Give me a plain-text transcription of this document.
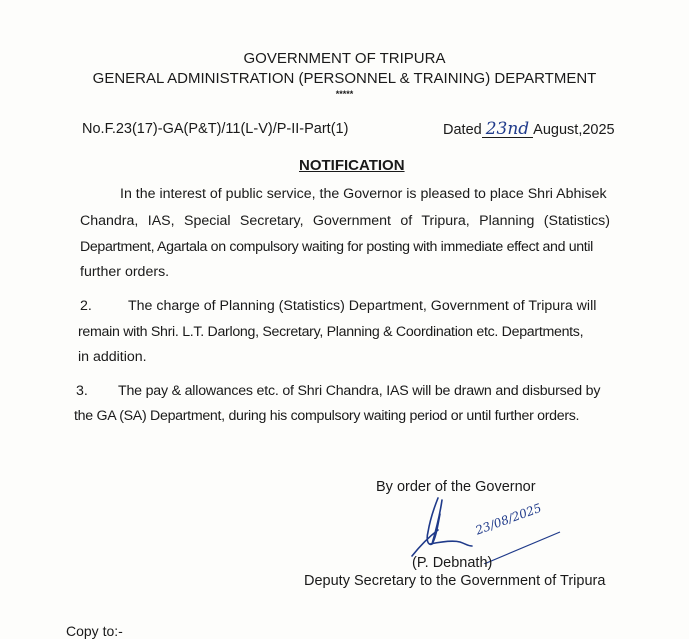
GOVERNMENT OF TRIPURA
GENERAL ADMINISTRATION (PERSONNEL & TRAINING) DEPARTMENT
*****
No.F.23(17)-GA(P&T)/11(L-V)/P-II-Part(1)	Dated 23nd August,2025
NOTIFICATION
In the interest of public service, the Governor is pleased to place Shri Abhisek
Chandra, IAS, Special Secretary, Government of Tripura, Planning (Statistics)
Department, Agartala on compulsory waiting for posting with immediate effect and until
further orders.
2.	The charge of Planning (Statistics) Department, Government of Tripura will
remain with Shri. L.T. Darlong, Secretary, Planning & Coordination etc. Departments,
in addition.
3. The pay & allowances etc. of Shri Chandra, IAS will be drawn and disbursed by
the GA (SA) Department, during his compulsory waiting period or until further orders.
By order of the Governor
23/08/2025
(P. Debnath)
Deputy Secretary to the Government of Tripura
Copy to:-
